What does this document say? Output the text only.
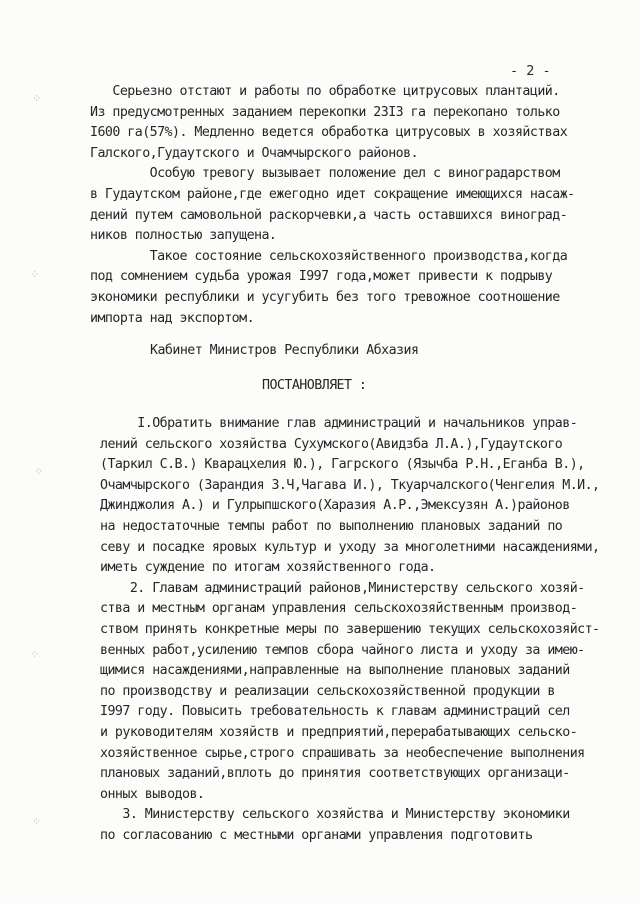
⁘
⁘
⁘
⁘
⁘
- 2 -
Серьезно отстают и работы по обработке цитрусовых плантаций.
Из предусмотренных заданием перекопки 23I3 га перекопано только
I600 га(57%). Медленно ведется обработка цитрусовых в хозяйствах
Галского,Гудаутского и Очамчырского районов.
Особую тревогу вызывает положение дел с виноградарством
в Гудаутском районе,где ежегодно идет сокращение имеющихся насаж-
дений путем самовольной раскорчевки,а часть оставшихся виноград-
ников полностью запущена.
Такое состояние сельскохозяйственного производства,когда
под сомнением судьба урожая I997 года,может привести к подрыву
экономики республики и усугубить без того тревожное соотношение
импорта над экспортом.
Кабинет Министров Республики Абхазия
ПОСТАНОВЛЯЕТ :
I.Обратить внимание глав администраций и начальников управ-
лений сельского хозяйства Сухумского(Авидзба Л.А.),Гудаутского
(Таркил С.В.) Кварацхелия Ю.), Гагрского (Язычба Р.Н.,Еганба В.),
Очамчырского (Зарандия З.Ч,Чагава И.), Ткуарчалского(Ченгелия М.И.,
Джинджолия А.) и Гулрыпшского(Харазия А.Р.,Эмексузян А.)районов
на недостаточные темпы работ по выполнению плановых заданий по
севу и посадке яровых культур и уходу за многолетними насаждениями,
иметь суждение по итогам хозяйственного года.
2. Главам администраций районов,Министерству сельского хозяй-
ства и местным органам управления сельскохозяйственным производ-
ством принять конкретные меры по завершению текущих сельскохозяйст-
венных работ,усилению темпов сбора чайного листа и уходу за имею-
щимися насаждениями,направленные на выполнение плановых заданий
по производству и реализации сельскохозяйственной продукции в
I997 году. Повысить требовательность к главам администраций сел
и руководителям хозяйств и предприятий,перерабатывающих сельско-
хозяйственное сырье,строго спрашивать за необеспечение выполнения
плановых заданий,вплоть до принятия соответствующих организаци-
онных выводов.
3. Министерству сельского хозяйства и Министерству экономики
по согласованию с местными органами управления подготовить
